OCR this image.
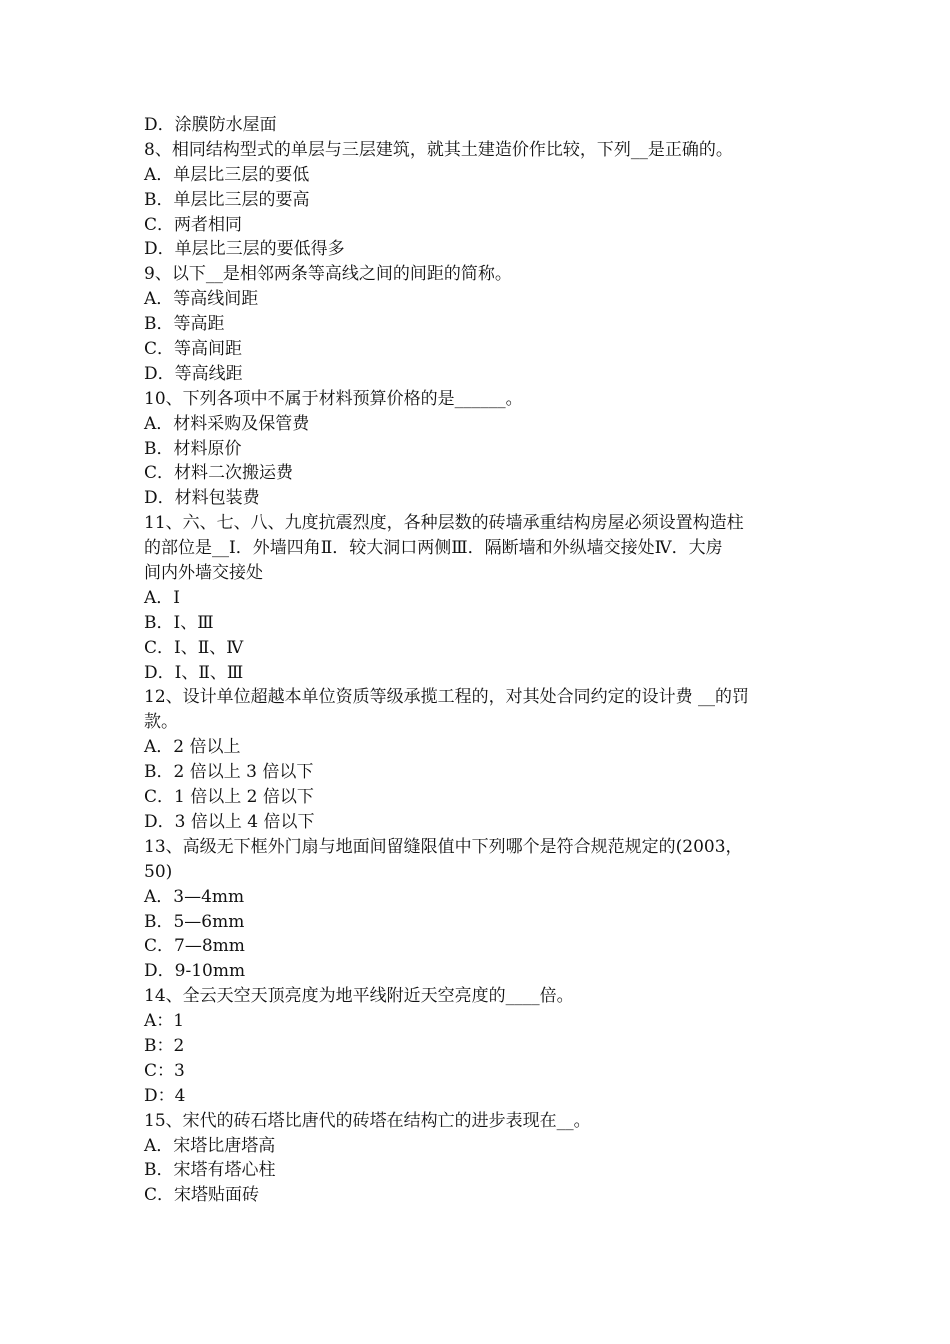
D．涂膜防水屋面
8、相同结构型式的单层与三层建筑，就其土建造价作比较，下列__是正确的。
A．单层比三层的要低
B．单层比三层的要高
C．两者相同
D．单层比三层的要低得多
9、以下__是相邻两条等高线之间的间距的简称。
A．等高线间距
B．等高距
C．等高间距
D．等高线距
10、下列各项中不属于材料预算价格的是______。
A．材料采购及保管费
B．材料原价
C．材料二次搬运费
D．材料包装费
11、六、七、八、九度抗震烈度，各种层数的砖墙承重结构房屋必须设置构造柱
的部位是__Ⅰ．外墙四角Ⅱ．较大洞口两侧Ⅲ．隔断墙和外纵墙交接处Ⅳ．大房
间内外墙交接处
A．Ⅰ
B．Ⅰ、Ⅲ
C．Ⅰ、Ⅱ、Ⅳ
D．Ⅰ、Ⅱ、Ⅲ
12、设计单位超越本单位资质等级承揽工程的，对其处合同约定的设计费 __的罚
款。
A．2 倍以上
B．2 倍以上 3 倍以下
C．1 倍以上 2 倍以下
D．3 倍以上 4 倍以下
13、高级无下框外门扇与地面间留缝限值中下列哪个是符合规范规定的(2003，
50)
A．3—4mm
B．5—6mm
C．7—8mm
D．9-10mm
14、全云天空天顶亮度为地平线附近天空亮度的____倍。
A：1
B：2
C：3
D：4
15、宋代的砖石塔比唐代的砖塔在结构亡的进步表现在__。
A．宋塔比唐塔高
B．宋塔有塔心柱
C．宋塔贴面砖
